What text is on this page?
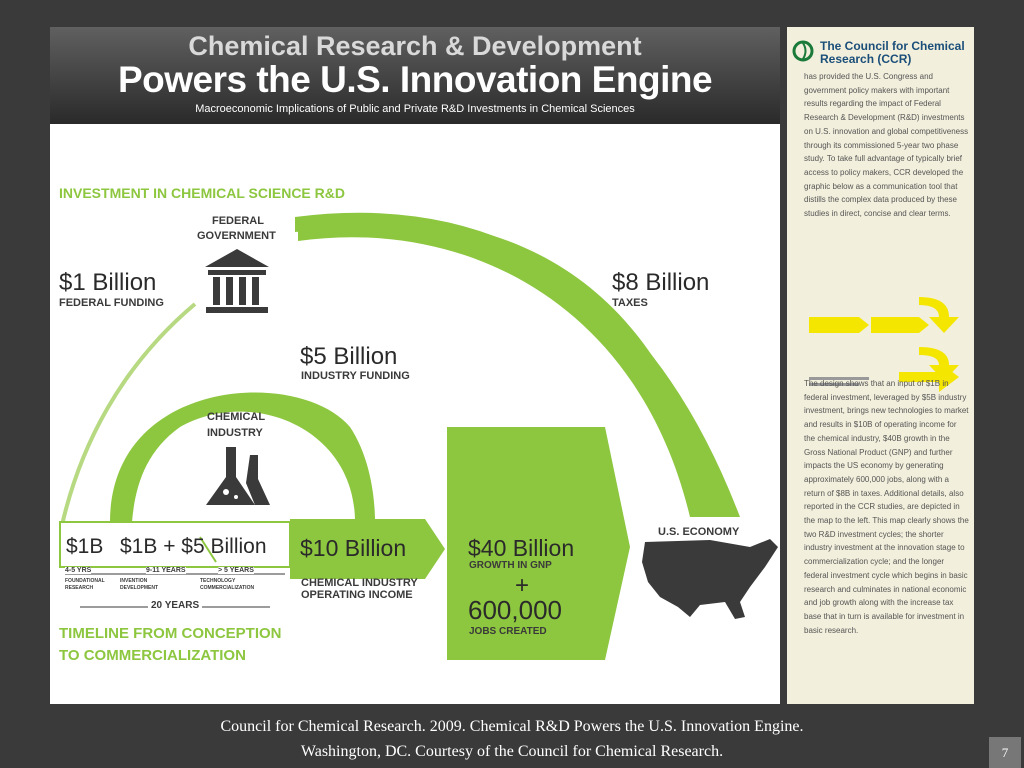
Chemical Research & Development
Powers the U.S. Innovation Engine
Macroeconomic Implications of Public and Private R&D Investments in Chemical Sciences
INVESTMENT IN CHEMICAL SCIENCE R&D
FEDERAL
GOVERNMENT
$1 Billion
FEDERAL FUNDING
$8 Billion
TAXES
$5 Billion
INDUSTRY FUNDING
CHEMICAL
INDUSTRY
$1B $1B + $5 Billion $10 Billion
CHEMICAL INDUSTRY
OPERATING INCOME
$40 Billion
GROWTH IN GNP
+
600,000
JOBS CREATED
U.S. ECONOMY
4-5 YRS	9-11 YEARS	> 5 YEARS
FOUNDATIONAL
RESEARCH
INVENTION
DEVELOPMENT
TECHNOLOGY
COMMERCIALIZATION
20 YEARS
TIMELINE FROM CONCEPTION
TO COMMERCIALIZATION
The Council for Chemical Research (CCR)
has provided the U.S. Congress and government policy makers with important results regarding the impact of Federal Research & Development (R&D) investments on U.S. innovation and global competitiveness through its commissioned 5-year two phase study. To take full advantage of typically brief access to policy makers, CCR developed the graphic below as a communication tool that distills the complex data produced by these studies in direct, concise and clear terms.
The design shows that an input of $1B in federal investment, leveraged by $5B industry investment, brings new technologies to market and results in $10B of operating income for the chemical industry, $40B growth in the Gross National Product (GNP) and further impacts the US economy by generating approximately 600,000 jobs, along with a return of $8B in taxes. Additional details, also reported in the CCR studies, are depicted in the map to the left. This map clearly shows the two R&D investment cycles; the shorter industry investment at the innovation stage to commercialization cycle; and the longer federal investment cycle which begins in basic research and culminates in national economic and job growth along with the increase tax base that in turn is available for investment in basic research.
Council for Chemical Research. 2009. Chemical R&D Powers the U.S. Innovation Engine.
Washington, DC. Courtesy of the Council for Chemical Research.	7
